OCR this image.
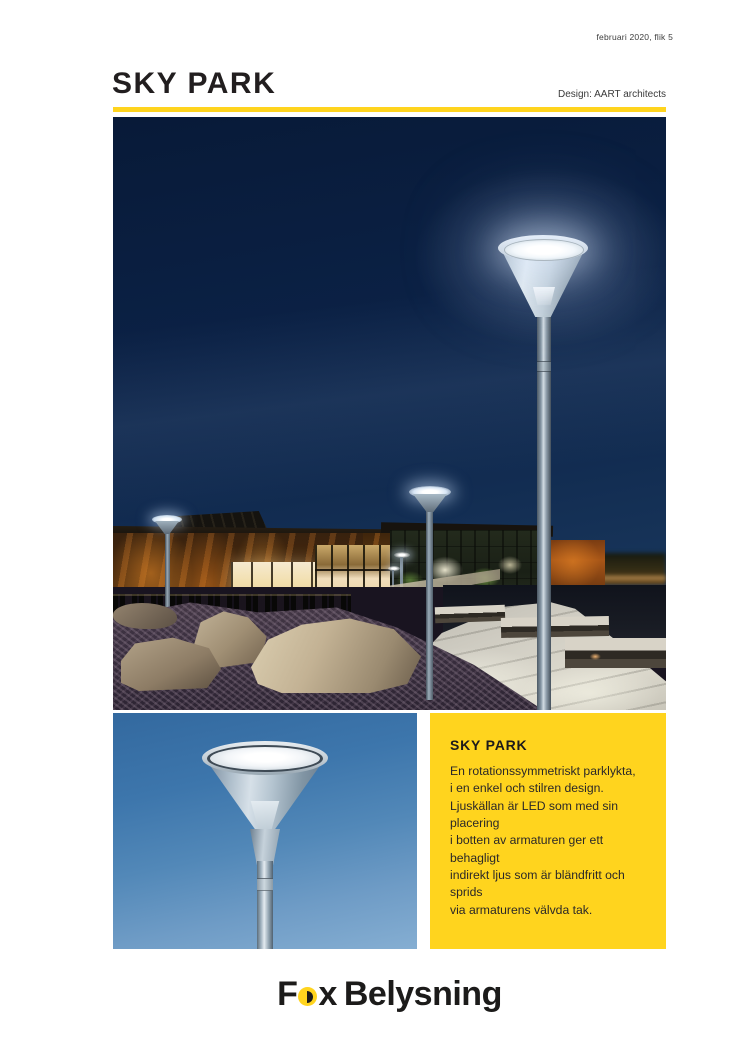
februari 2020, flik 5
SKY PARK	Design: AART architects
SKY PARK

En rotationssymmetriskt parklykta,

i en enkel och stilren design.

Ljuskällan är LED som med sin placering

i botten av armaturen ger ett behagligt

indirekt ljus som är bländfritt och sprids

via armaturens välvda tak.

F x Belysning
